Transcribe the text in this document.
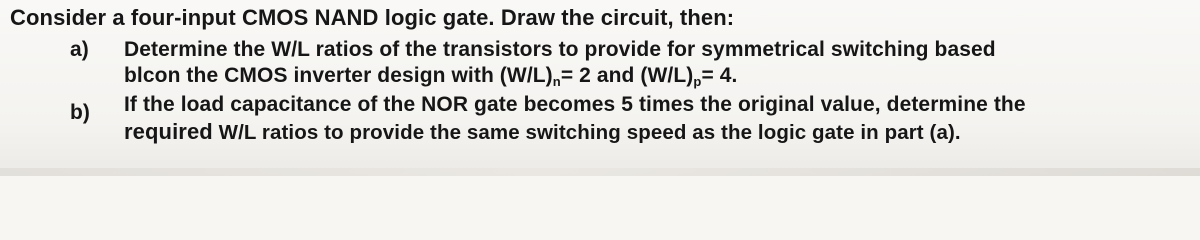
Consider a four-input CMOS NAND logic gate. Draw the circuit, then:
a) Determine the W/L ratios of the transistors to provide for symmetrical switching based
blcon the CMOS inverter design with (W/L)n= 2 and (W/L)p= 4.
b) If the load capacitance of the NOR gate becomes 5 times the original value, determine the
required W/L ratios to provide the same switching speed as the logic gate in part (a).
